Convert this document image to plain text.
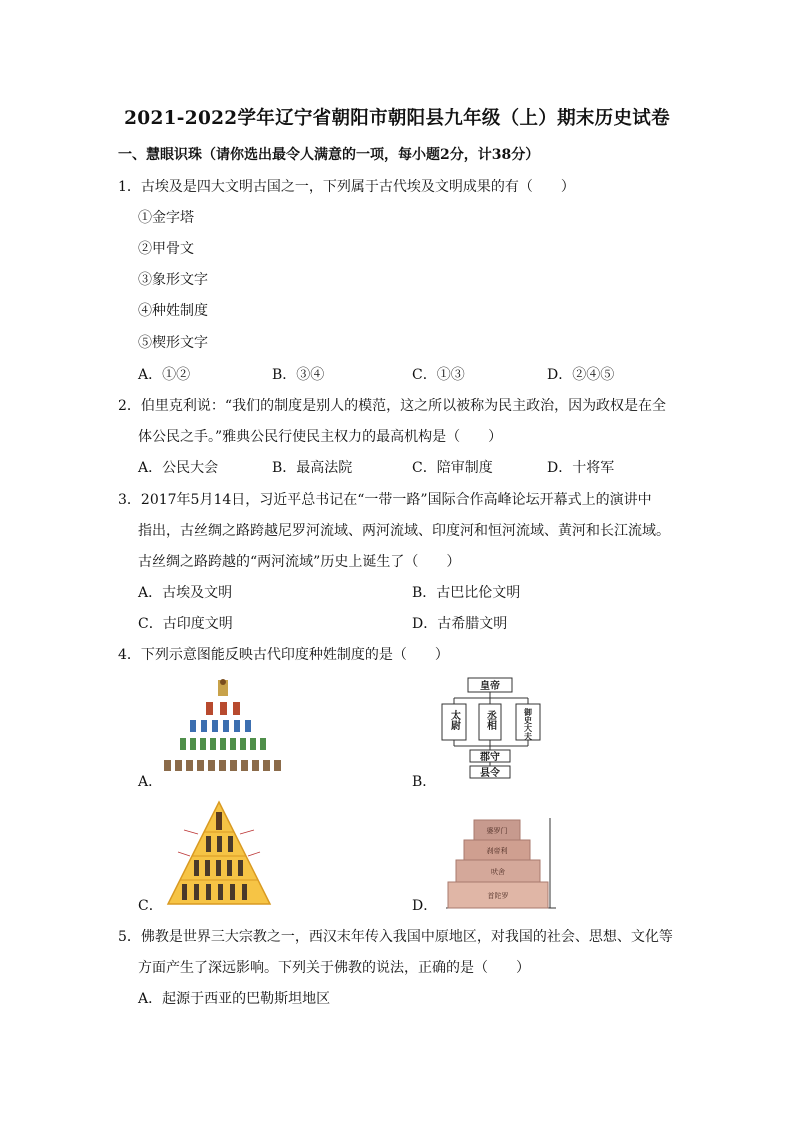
2021-2022学年辽宁省朝阳市朝阳县九年级（上）期末历史试卷
一、慧眼识珠（请你选出最令人满意的一项，每小题2分，计38分）
1．古埃及是四大文明古国之一，下列属于古代埃及文明成果的有（　　）
①金字塔
②甲骨文
③象形文字
④种姓制度
⑤楔形文字
A．①②	B．③④	C．①③	D．②④⑤
2．伯里克利说：“我们的制度是别人的模范，这之所以被称为民主政治，因为政权是在全
体公民之手。”雅典公民行使民主权力的最高机构是（　　）
A．公民大会	B．最高法院	C．陪审制度	D．十将军
3．2017年5月14日，习近平总书记在“一带一路”国际合作高峰论坛开幕式上的演讲中
指出，古丝绸之路跨越尼罗河流域、两河流域、印度河和恒河流域、黄河和长江流域。
古丝绸之路跨越的“两河流域”历史上诞生了（　　）
A．古埃及文明	B．古巴比伦文明
C．古印度文明	D．古希腊文明
4．下列示意图能反映古代印度种姓制度的是（　　）
A．	B．
皇帝
郡守
县令
太尉	丞相	御史大夫
C．	D．
婆罗门
刹帝利
吠舍
首陀罗
5．佛教是世界三大宗教之一，西汉末年传入我国中原地区，对我国的社会、思想、文化等
方面产生了深远影响。下列关于佛教的说法，正确的是（　　）
A．起源于西亚的巴勒斯坦地区
